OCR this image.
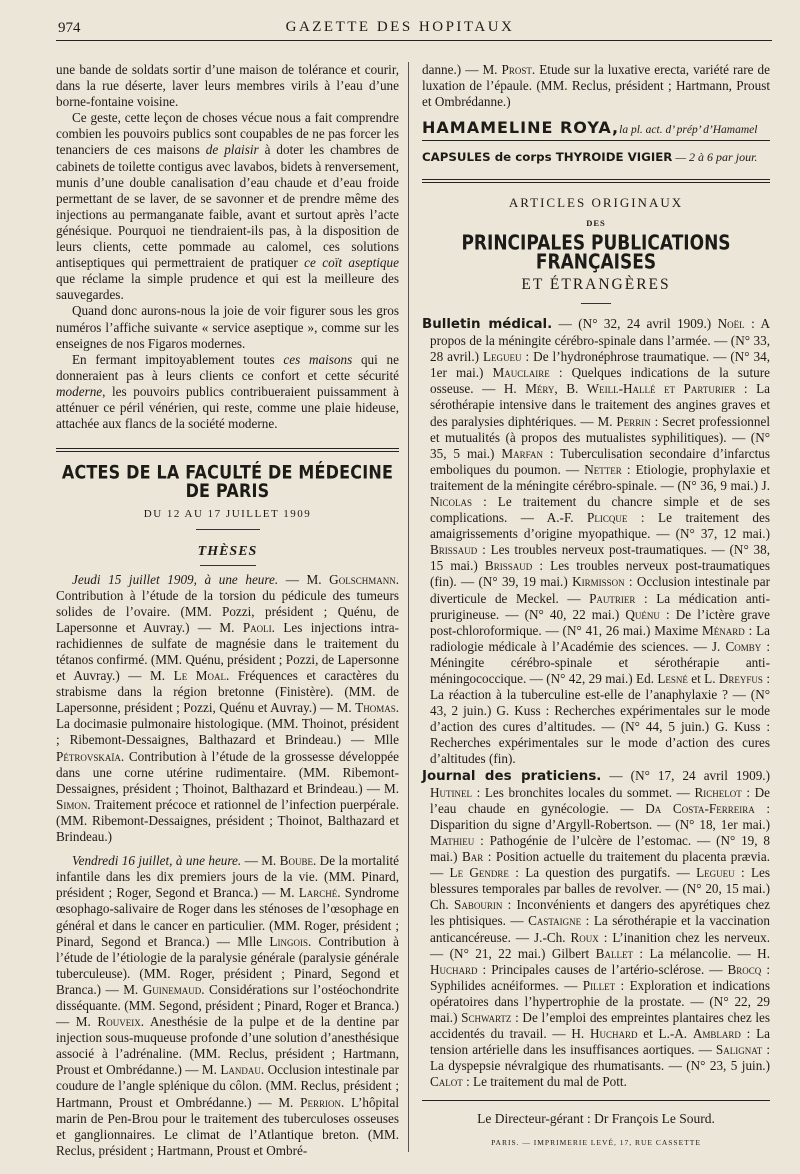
974	GAZETTE DES HOPITAUX

une bande de soldats sortir d’une maison de tolérance et courir, dans la rue déserte, laver leurs membres virils à l’eau d’une borne-fontaine voisine.

Ce geste, cette leçon de choses vécue nous a fait comprendre combien les pouvoirs publics sont coupables de ne pas forcer les tenanciers de ces maisons de plaisir à doter les chambres de cabinets de toilette contigus avec lavabos, bidets à renversement, munis d’une double canalisation d’eau chaude et d’eau froide permettant de se laver, de se savonner et de prendre même des injections au permanganate faible, avant et surtout après l’acte génésique. Pourquoi ne tiendraient-ils pas, à la disposition de leurs clients, cette pommade au calomel, ces solutions antiseptiques qui permettraient de pratiquer ce coït aseptique que réclame la simple prudence et qui est la meilleure des sauvegardes.

Quand donc aurons-nous la joie de voir figurer sous les gros numéros l’affiche suivante « service aseptique », comme sur les enseignes de nos Figaros modernes.

En fermant impitoyablement toutes ces maisons qui ne donneraient pas à leurs clients ce confort et cette sécurité moderne, les pouvoirs publics contribueraient puissamment à atténuer ce péril vénérien, qui reste, comme une plaie hideuse, attachée aux flancs de la société moderne.

ACTES DE LA FACULTÉ DE MÉDECINE DE PARIS
DU 12 AU 17 JUILLET 1909
THÈSES

Jeudi 15 juillet 1909, à une heure. — M. Golschmann. Contribution à l’étude de la torsion du pédicule des tumeurs solides de l’ovaire. (MM. Pozzi, président ; Quénu, de Lapersonne et Auvray.) — M. Paoli. Les injections intra-rachidiennes de sulfate de magnésie dans le traitement du tétanos confirmé. (MM. Quénu, président ; Pozzi, de Lapersonne et Auvray.) — M. Le Moal. Fréquences et caractères du strabisme dans la région bretonne (Finistère). (MM. de Lapersonne, président ; Pozzi, Quénu et Auvray.) — M. Thomas. La docimasie pulmonaire histologique. (MM. Thoinot, président ; Ribemont-Dessaignes, Balthazard et Brindeau.) — Mlle Pétrovskaïa. Contribution à l’étude de la grossesse développée dans une corne utérine rudimentaire. (MM. Ribemont-Dessaignes, président ; Thoinot, Balthazard et Brindeau.) — M. Simon. Traitement précoce et rationnel de l’infection puerpérale. (MM. Ribemont-Dessaignes, président ; Thoinot, Balthazard et Brindeau.)

Vendredi 16 juillet, à une heure. — M. Boube. De la mortalité infantile dans les dix premiers jours de la vie. (MM. Pinard, président ; Roger, Segond et Branca.) — M. Larché. Syndrome œsophago-salivaire de Roger dans les sténoses de l’œsophage en général et dans le cancer en particulier. (MM. Roger, président ; Pinard, Segond et Branca.) — Mlle Lingois. Contribution à l’étude de l’étiologie de la paralysie générale (paralysie générale tuberculeuse). (MM. Roger, président ; Pinard, Segond et Branca.) — M. Guinemaud. Considérations sur l’ostéochondrite disséquante. (MM. Segond, président ; Pinard, Roger et Branca.) — M. Rouveix. Anesthésie de la pulpe et de la dentine par injection sous-muqueuse profonde d’une solution d’anesthésique associé à l’adrénaline. (MM. Reclus, président ; Hartmann, Proust et Ombrédanne.) — M. Landau. Occlusion intestinale par coudure de l’angle splénique du côlon. (MM. Reclus, président ; Hartmann, Proust et Ombrédanne.) — M. Perrion. L’hôpital marin de Pen-Brou pour le traitement des tuberculoses osseuses et ganglionnaires. Le climat de l’Atlantique breton. (MM. Reclus, président ; Hartmann, Proust et Ombré-

danne.) — M. Prost. Etude sur la luxative erecta, variété rare de luxation de l’épaule. (MM. Reclus, président ; Hartmann, Proust et Ombrédanne.)

HAMAMELINE ROYA,la pl. act. d’ prép’ d’Hamamel
CAPSULES de corps THYROIDE VIGIER — 2 à 6 par jour.
ARTICLES ORIGINAUX
DES
PRINCIPALES PUBLICATIONS FRANÇAISES
ET ÉTRANGÈRES

Bulletin médical. — (N° 32, 24 avril 1909.) Noël : A propos de la méningite cérébro-spinale dans l’armée. — (N° 33, 28 avril.) Legueu : De l’hydronéphrose traumatique. — (N° 34, 1er mai.) Mauclaire : Quelques indications de la suture osseuse. — H. Méry, B. Weill-Hallé et Parturier : La sérothérapie intensive dans le traitement des angines graves et des paralysies diphtériques. — M. Perrin : Secret professionnel et mutualités (à propos des mutualistes syphilitiques). — (N° 35, 5 mai.) Marfan : Tuberculisation secondaire d’infarctus emboliques du poumon. — Netter : Etiologie, prophylaxie et traitement de la méningite cérébro-spinale. — (N° 36, 9 mai.) J. Nicolas : Le traitement du chancre simple et de ses complications. — A.-F. Plicque : Le traitement des amaigrissements d’origine myopathique. — (N° 37, 12 mai.) Brissaud : Les troubles nerveux post-traumatiques. — (N° 38, 15 mai.) Brissaud : Les troubles nerveux post-traumatiques (fin). — (N° 39, 19 mai.) Kirmisson : Occlusion intestinale par diverticule de Meckel. — Pautrier : La médication anti-prurigineuse. — (N° 40, 22 mai.) Quénu : De l’ictère grave post-chloroformique. — (N° 41, 26 mai.) Maxime Ménard : La radiologie médicale à l’Académie des sciences. — J. Comby : Méningite cérébro-spinale et sérothérapie anti-méningococcique. — (N° 42, 29 mai.) Ed. Lesné et L. Dreyfus : La réaction à la tuberculine est-elle de l’anaphylaxie ? — (N° 43, 2 juin.) G. Kuss : Recherches expérimentales sur le mode d’action des cures d’altitudes. — (N° 44, 5 juin.) G. Kuss : Recherches expérimentales sur le mode d’action des cures d’altitudes (fin).

Journal des praticiens. — (N° 17, 24 avril 1909.) Hutinel : Les bronchites locales du sommet. — Richelot : De l’eau chaude en gynécologie. — Da Costa-Ferreira : Disparition du signe d’Argyll-Robertson. — (N° 18, 1er mai.) Mathieu : Pathogénie de l’ulcère de l’estomac. — (N° 19, 8 mai.) Bar : Position actuelle du traitement du placenta prævia. — Le Gendre : La question des purgatifs. — Legueu : Les blessures temporales par balles de revolver. — (N° 20, 15 mai.) Ch. Sabourin : Inconvénients et dangers des apyrétiques chez les phtisiques. — Castaigne : La sérothérapie et la vaccination anticancéreuse. — J.-Ch. Roux : L’inanition chez les nerveux. — (N° 21, 22 mai.) Gilbert Ballet : La mélancolie. — H. Huchard : Principales causes de l’artério-sclérose. — Brocq : Syphilides acnéiformes. — Pillet : Exploration et indications opératoires dans l’hypertrophie de la prostate. — (N° 22, 29 mai.) Schwartz : De l’emploi des empreintes plantaires chez les accidentés du travail. — H. Huchard et L.-A. Amblard : La tension artérielle dans les insuffisances aortiques. — Salignat : La dyspepsie névralgique des rhumatisants. — (N° 23, 5 juin.) Calot : Le traitement du mal de Pott.

Le Directeur-gérant : Dr François Le Sourd.
PARIS. — IMPRIMERIE LEVÉ, 17, RUE CASSETTE
